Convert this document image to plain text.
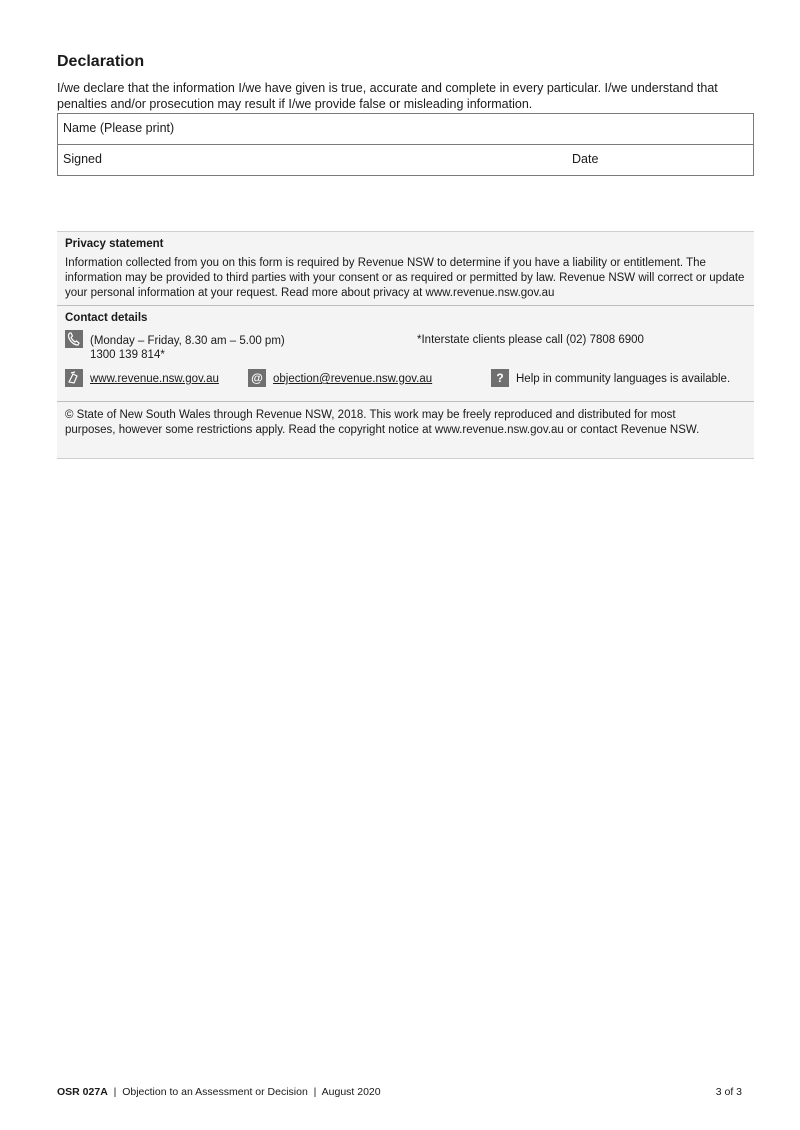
Declaration

I/we declare that the information I/we have given is true, accurate and complete in every particular. I/we understand that penalties and/or prosecution may result if I/we provide false or misleading information.

Name (Please print)
Signed	Date
Privacy statement
Information collected from you on this form is required by Revenue NSW to determine if you have a liability or entitlement. The information may be provided to third parties with your consent or as required or permitted by law. Revenue NSW will correct or update your personal information at your request. Read more about privacy at www.revenue.nsw.gov.au
Contact details
(Monday – Friday, 8.30 am – 5.00 pm)
1300 139 814*
*Interstate clients please call (02) 7808 6900
www.revenue.nsw.gov.au	@ objection@revenue.nsw.gov.au	?	Help in community languages is available.
© State of New South Wales through Revenue NSW, 2018. This work may be freely reproduced and distributed for most purposes, however some restrictions apply. Read the copyright notice at www.revenue.nsw.gov.au or contact Revenue NSW.
OSR 027A | Objection to an Assessment or Decision | August 2020	3 of 3
